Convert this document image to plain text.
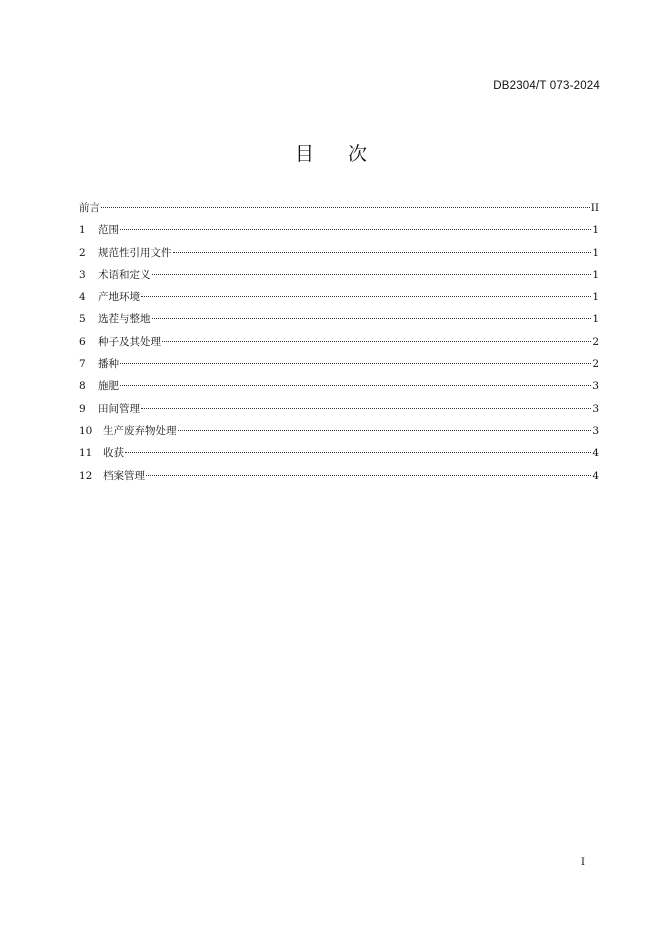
DB2304/T 073-2024
目 次
前言	II
1	范围	1
2	规范性引用文件	1
3	术语和定义	1
4	产地环境	1
5	选茬与整地	1
6	种子及其处理	2
7	播种	2
8	施肥	3
9	田间管理	3
10	生产废弃物处理	3
11	收获	4
12	档案管理	4
I
